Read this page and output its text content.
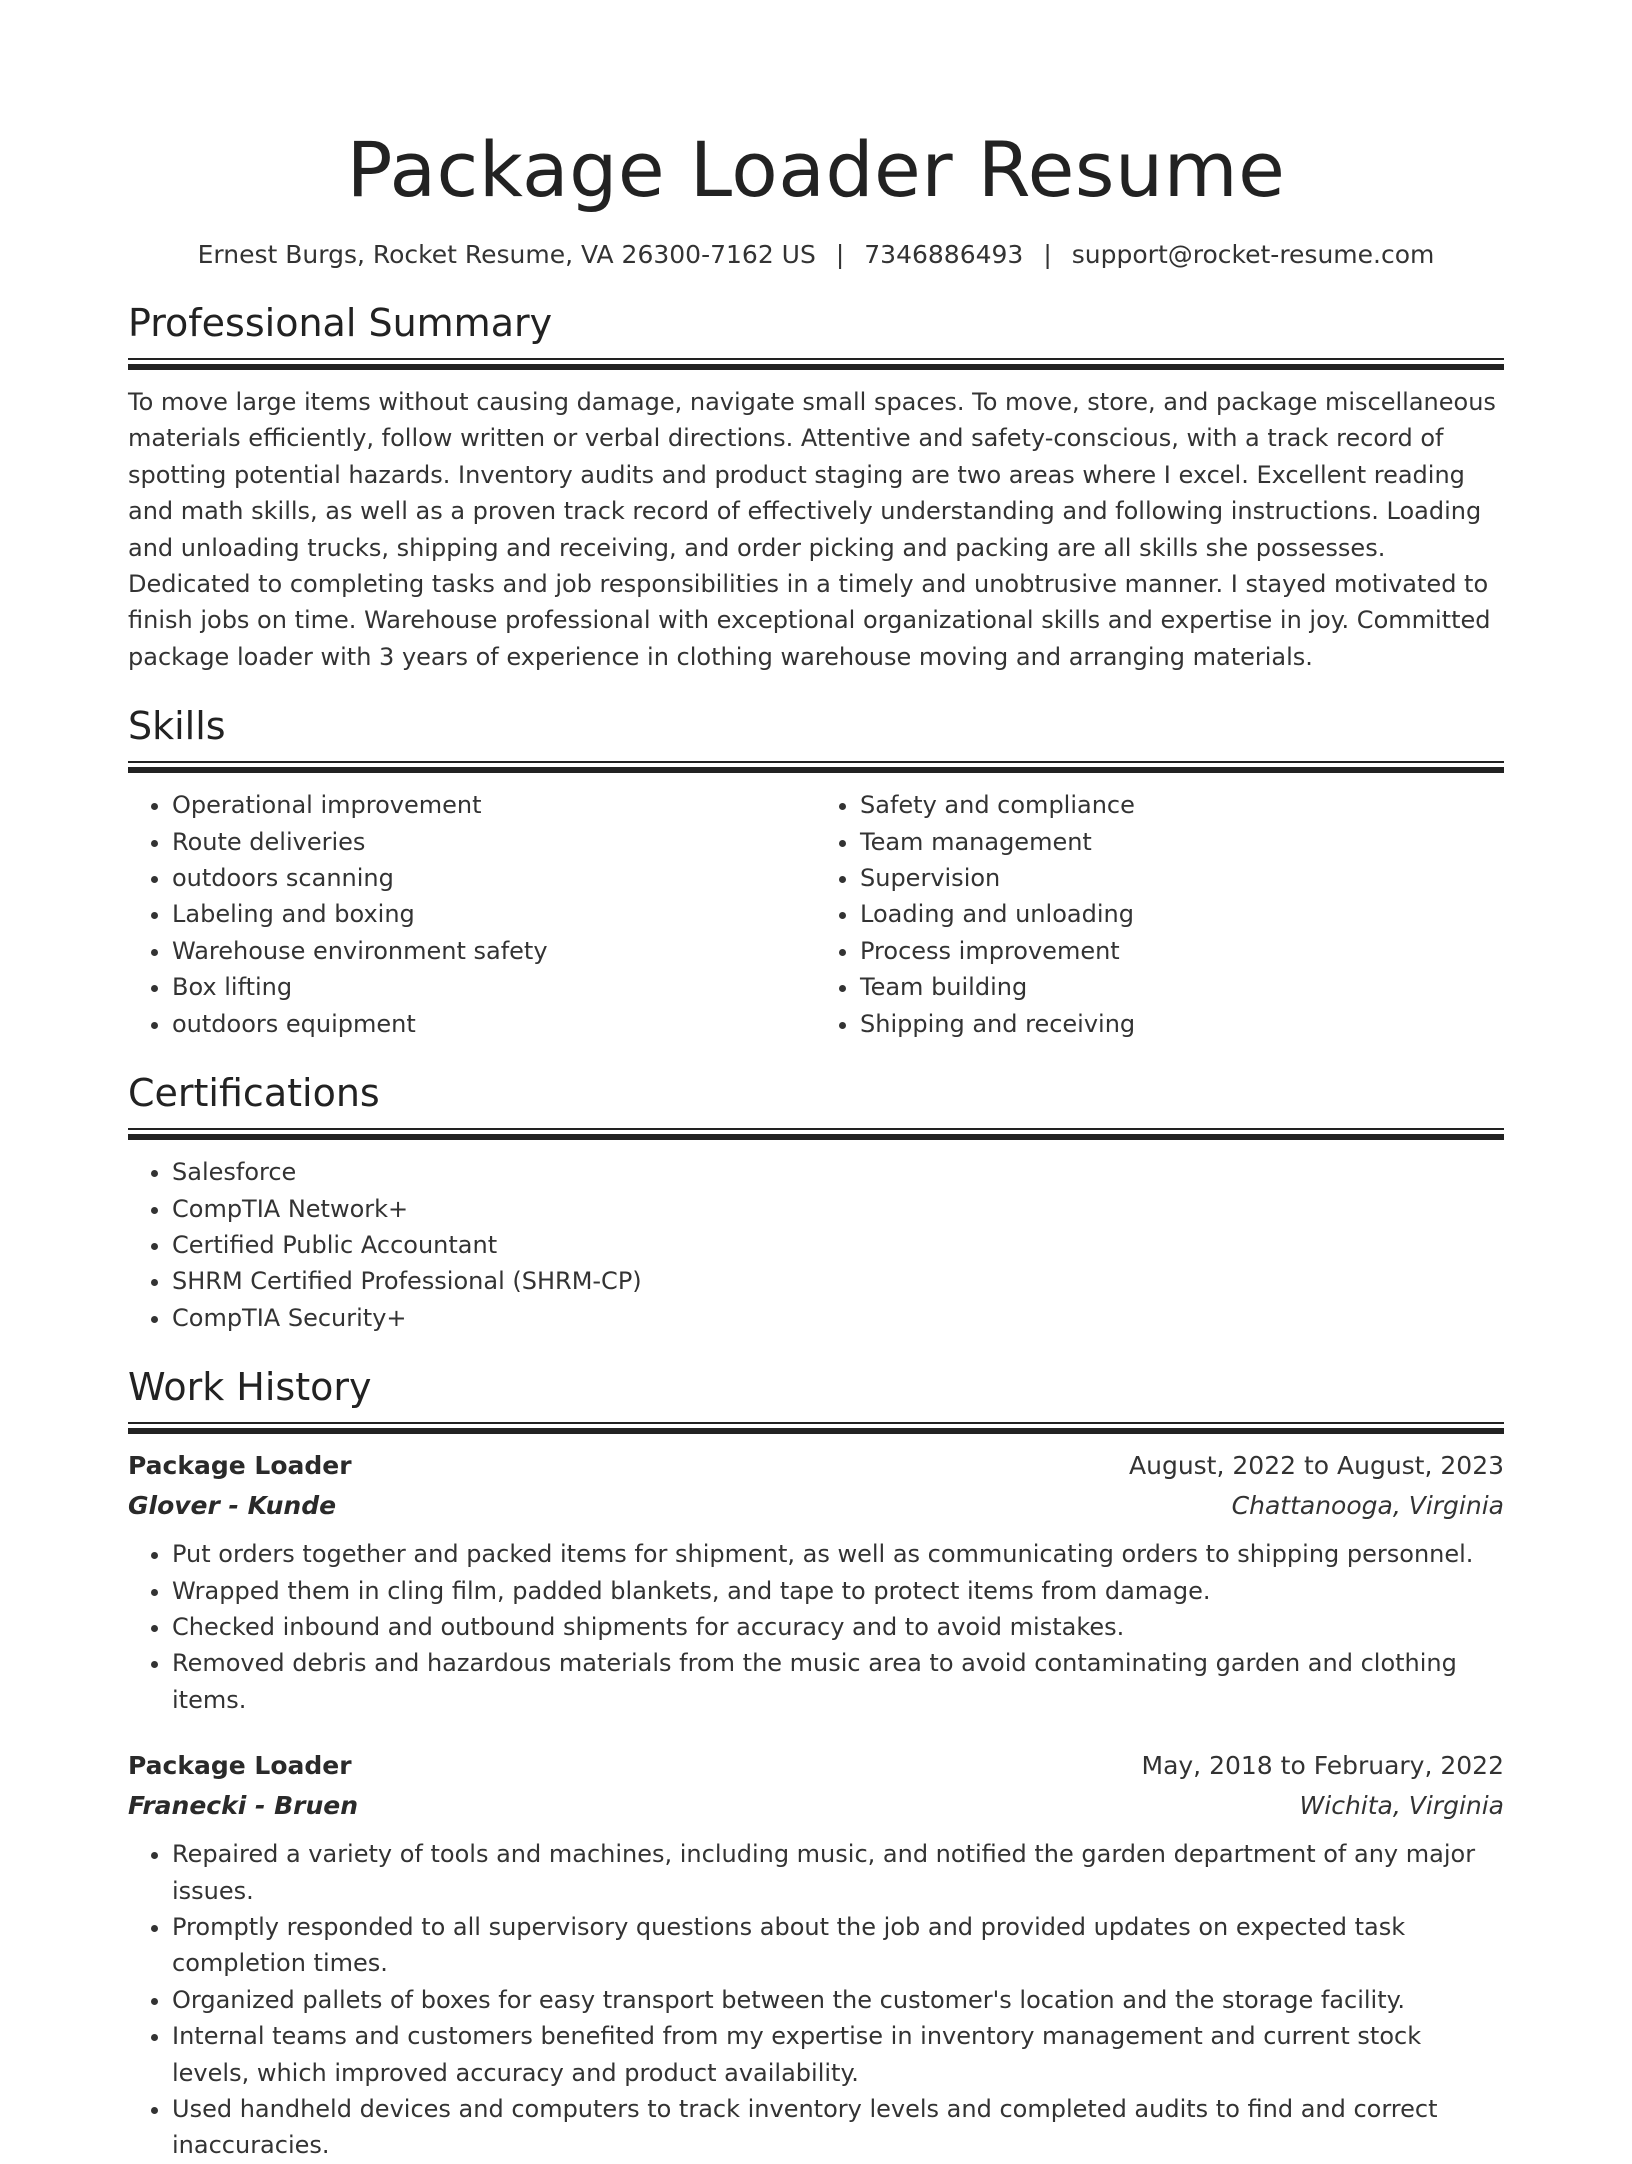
Package Loader Resume
Ernest Burgs, Rocket Resume, VA 26300-7162 US | 7346886493 | support@rocket-resume.com
Professional Summary

To move large items without causing damage, navigate small spaces. To move, store, and package miscellaneous materials efficiently, follow written or verbal directions. Attentive and safety-conscious, with a track record of spotting potential hazards. Inventory audits and product staging are two areas where I excel. Excellent reading and math skills, as well as a proven track record of effectively understanding and following instructions. Loading and unloading trucks, shipping and receiving, and order picking and packing are all skills she possesses. Dedicated to completing tasks and job responsibilities in a timely and unobtrusive manner. I stayed motivated to finish jobs on time. Warehouse professional with exceptional organizational skills and expertise in joy. Committed package loader with 3 years of experience in clothing warehouse moving and arranging materials.

Skills
• Operational improvement
• Route deliveries
• outdoors scanning
• Labeling and boxing
• Warehouse environment safety
• Box lifting
• outdoors equipment
• Safety and compliance
• Team management
• Supervision
• Loading and unloading
• Process improvement
• Team building
• Shipping and receiving
Certifications
• Salesforce
• CompTIA Network+
• Certified Public Accountant
• SHRM Certified Professional (SHRM-CP)
• CompTIA Security+
Work History
Package Loader	August, 2022 to August, 2023
Glover - Kunde	Chattanooga, Virginia
• Put orders together and packed items for shipment, as well as communicating orders to shipping personnel.
• Wrapped them in cling film, padded blankets, and tape to protect items from damage.
• Checked inbound and outbound shipments for accuracy and to avoid mistakes.
• Removed debris and hazardous materials from the music area to avoid contaminating garden and clothing items.
Package Loader	May, 2018 to February, 2022
Franecki - Bruen	Wichita, Virginia
• Repaired a variety of tools and machines, including music, and notified the garden department of any major issues.
• Promptly responded to all supervisory questions about the job and provided updates on expected task completion times.
• Organized pallets of boxes for easy transport between the customer's location and the storage facility.
• Internal teams and customers benefited from my expertise in inventory management and current stock levels, which improved accuracy and product availability.
• Used handheld devices and computers to track inventory levels and completed audits to find and correct inaccuracies.
